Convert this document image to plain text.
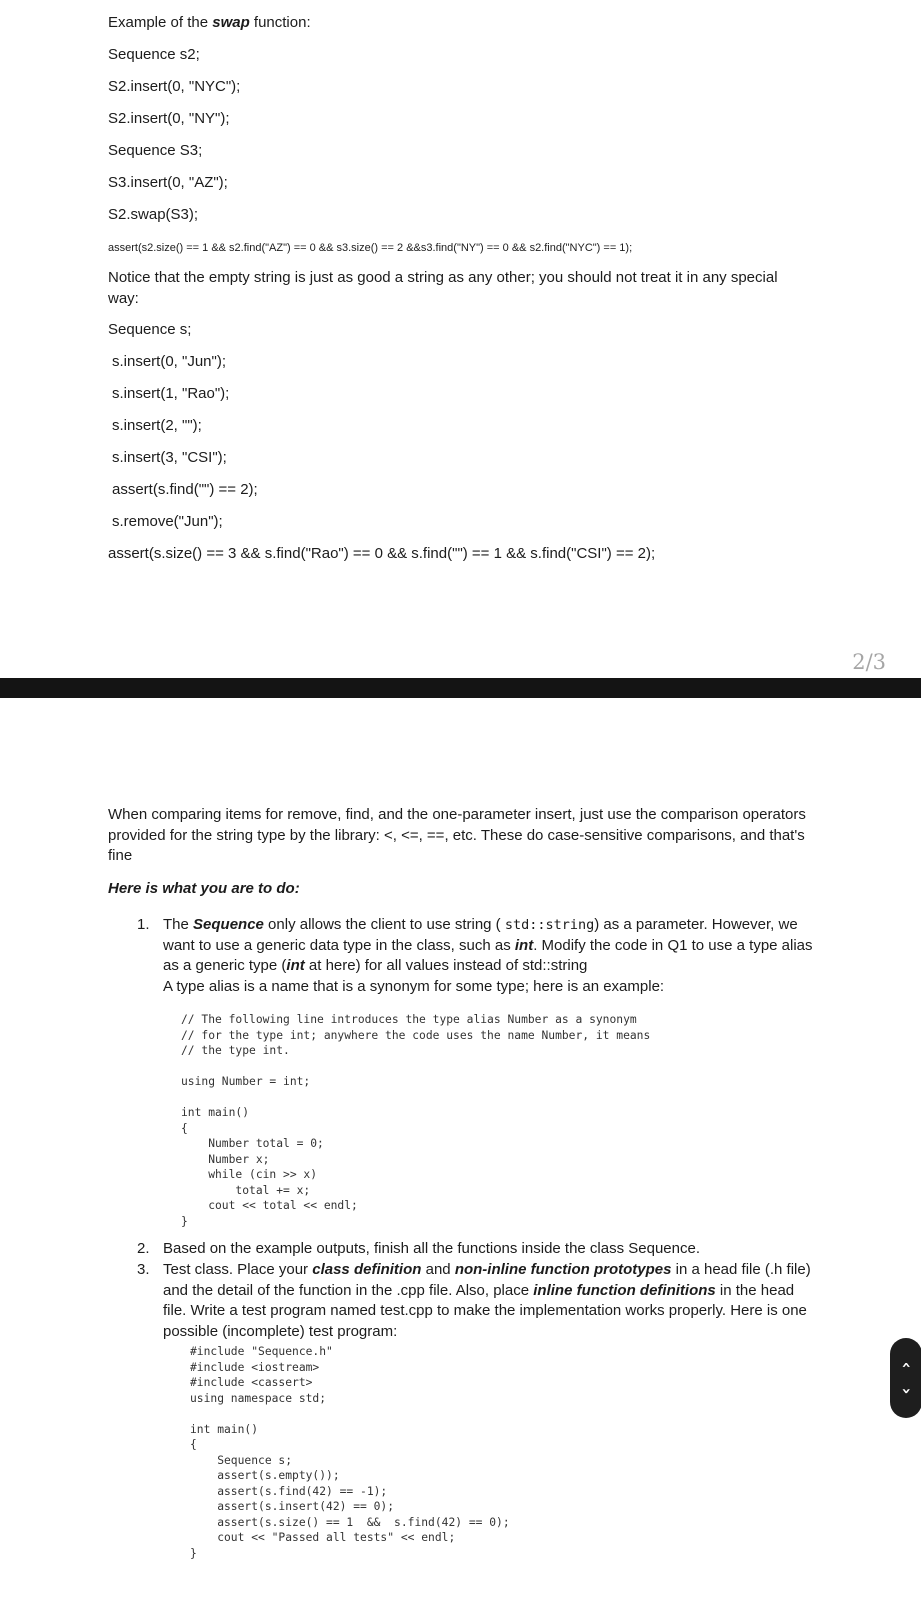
Example of the swap function:
Sequence s2;
S2.insert(0, "NYC");
S2.insert(0, "NY");
Sequence S3;
S3.insert(0, "AZ");
S2.swap(S3);
assert(s2.size() == 1 && s2.find("AZ") == 0 && s3.size() == 2 &&s3.find("NY") == 0 && s2.find("NYC") == 1);
Notice that the empty string is just as good a string as any other; you should not treat it in any special way:
Sequence s;
s.insert(0, "Jun");
s.insert(1, "Rao");
s.insert(2, "");
s.insert(3, "CSI");
assert(s.find("") == 2);
s.remove("Jun");
assert(s.size() == 3 && s.find("Rao") == 0 && s.find("") == 1 && s.find("CSI") == 2);
2/3
When comparing items for remove, find, and the one-parameter insert, just use the comparison operators provided for the string type by the library: <, <=, ==, etc. These do case-sensitive comparisons, and that's fine
Here is what you are to do:
1. The Sequence only allows the client to use string ( std::string) as a parameter. However, we want to use a generic data type in the class, such as int. Modify the code in Q1 to use a type alias as a generic type (int at here) for all values instead of std::string
A type alias is a name that is a synonym for some type; here is an example:
// The following line introduces the type alias Number as a synonym
// for the type int; anywhere the code uses the name Number, it means
// the type int.

using Number = int;

int main()
{
Number total = 0;
Number x;
while (cin >> x)
total += x;
cout << total << endl;
}
2. Based on the example outputs, finish all the functions inside the class Sequence.
3. Test class. Place your class definition and non-inline function prototypes in a head file (.h file) and the detail of the function in the .cpp file. Also, place inline function definitions in the head file. Write a test program named test.cpp to make the implementation works properly. Here is one possible (incomplete) test program:
#include "Sequence.h"
#include <iostream>
#include <cassert>
using namespace std;

int main()
{
Sequence s;
assert(s.empty());
assert(s.find(42) == -1);
assert(s.insert(42) == 0);
assert(s.size() == 1  &&  s.find(42) == 0);
cout << "Passed all tests" << endl;
}
‹
›
